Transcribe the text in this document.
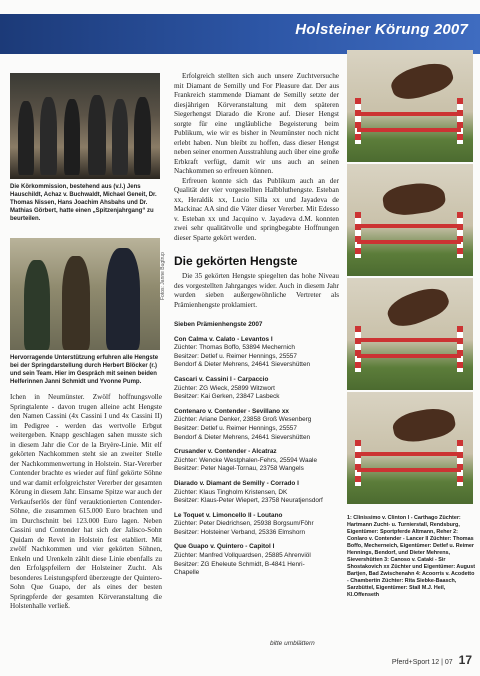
Holsteiner Körung 2007
Die Körkommission, bestehend aus (v.l.) Jens Hauschildt, Achaz v. Buchwaldt, Michael Geneit, Dr. Thomas Nissen, Hans Joachim Ahsbahs und Dr. Mathias Görbert, hatte einen „Spitzenjahrgang“ zu beurteilen.
Fotos: Janne Bugtrup
Hervorragende Unterstützung erfuhren alle Hengste bei der Springdarstellung durch Herbert Blöcker (r.) und sein Team. Hier im Gespräch mit seinen beiden Helferinnen Janni Schmidt und Yvonne Pump.
Ichen in Neumünster. Zwölf hoffnungsvolle Springtalente - davon trugen alleine acht Hengste den Namen Cassini (4x Cassini I und 4x Cassini II) im Pedigree - werden das wertvolle Erbgut weitergeben. Knapp geschlagen sahen musste sich in diesem Jahr die Cor de la Bryère-Linie. Mit elf gekörten Nachkommen steht sie an zweiter Stelle der Nachkommenwertung in Holstein. Star-Vererber Contender brachte es wieder auf fünf gekörte Söhne und war damit erfolgreichster Vererber der gesamten Körung in diesem Jahr. Einsame Spitze war auch der Verkaufserlös der fünf verauktionierten Contender-Söhne, die zusammen 615.000 Euro brachten und im Durchschnitt bei 123.000 Euro lagen. Neben Cassini und Contender hat sich der Jalisco-Sohn Quidam de Revel in Holstein fest etabliert. Mit zwölf Nachkommen und vier gekörten Söhnen, Enkeln und Urenkeln zählt diese Linie ebenfalls zu den Erfolgspfeilern der Holsteiner Zucht. Als besonderes Leistungspferd überzeugte der Quintero-Sohn Que Guapo, der als eines der besten Springpferde der gesamten Körveranstaltung die Holstenhalle verließ.

Erfolgreich stellten sich auch unsere Zuchtversuche mit Diamant de Semilly und For Pleasure dar. Der aus Frankreich stammende Diamant de Semilly setzte der diesjährigen Körveranstaltung mit dem späteren Siegerhengst Diarado die Krone auf. Dieser Hengst sorgte für eine ungläubliche Begeisterung beim Publikum, wie wir es bisher in Neumünster noch nicht erlebt haben. Nun bleibt zu hoffen, dass dieser Hengst neben seiner enormen Ausstrahlung auch über eine große Erbkraft verfügt, damit wir uns auch an seinen Nachkommen so erfreuen können.

Erfreuen konnte sich das Publikum auch an der Qualität der vier vorgestellten Halbbluthengste. Esteban xx, Heraldik xx, Lucio Silla xx und Jayadeva de Mackinac AA sind die Väter dieser Vererber. Mit Edesso v. Esteban xx und Jacquino v. Jayadeva d.M. konnten zwei sehr qualitätvolle und springbegabte Hoffnungen dieser Sparte gekört werden.

Die gekörten Hengste

Die 35 gekörten Hengste spiegelten das hohe Niveau des vorgestellten Jahrganges wider. Auch in diesem Jahr wurden sieben außergewöhnliche Vertreter als Prämienhengste proklamiert.

Sieben Prämienhengste 2007
Con Calma v. Calato - Levantos I
Züchter: Thomas Boffo, 53894 Mechernich
Besitzer: Detlef u. Reimer Hennings, 25557
Bendorf & Dieter Mehrens, 24641 Sievershütten
Cascari v. Cassini I - Carpaccio
Züchter: ZG Wieck, 25899 Witzwort
Besitzer: Kai Gerken, 23847 Lasbeck
Contenaro v. Contender - Sevillano xx
Züchter: Ariane Denker, 23858 Groß Wesenberg
Besitzer: Detlef u. Reimer Hennings, 25557
Bendorf & Dieter Mehrens, 24641 Sievershütten
Crusander v. Contender - Alcatraz
Züchter: Wencke Westphalen-Fehrs, 25594 Waale
Besitzer: Peter Nagel-Tornau, 23758 Wangels
Diarado v. Diamant de Semilly - Corrado I
Züchter: Klaus Tingholm Kristensen, DK
Besitzer: Klaus-Peter Wiepert, 23758 Neuratjensdorf
Le Toquet v. Limoncello II - Loutano
Züchter: Peter Diedrichsen, 25938 Borgsum/Föhr
Besitzer: Holsteiner Verband, 25336 Elmshorn
Que Guapo v. Quintero - Capitol I
Züchter: Manfred Vollquardsen, 25885 Ahrenviöl
Besitzer: ZG Eheleute Schmidt, B-4841 Henri-
Chapelle
bitte umblättern
1: Clinissimo v. Clinton I - Carthago Züchter: Hartmann Zucht- u. Turnierstall, Rendsburg, Eigentümer: Sportpferde Altmann, Reher 2: Conlaro v. Contender - Lancer II Züchter: Thomas Boffo, Mecherneich, Eigentümer: Detlef u. Reimer Hennings, Bendorf, und Dieter Mehrens, Sievershütten 3: Canoso v. Cataki - Sir Shostakovich xx Züchter und Eigentümer: August Bartjen, Bad Zwischenahn 4: Acoorris v. Acodetto - Chambertin Züchter: Rita Siebke-Baasch, Sarzbüttel, Eigentümer: Stall M.J. Heil, Kl.Offenseth
Pferd+Sport 12 | 07 17
